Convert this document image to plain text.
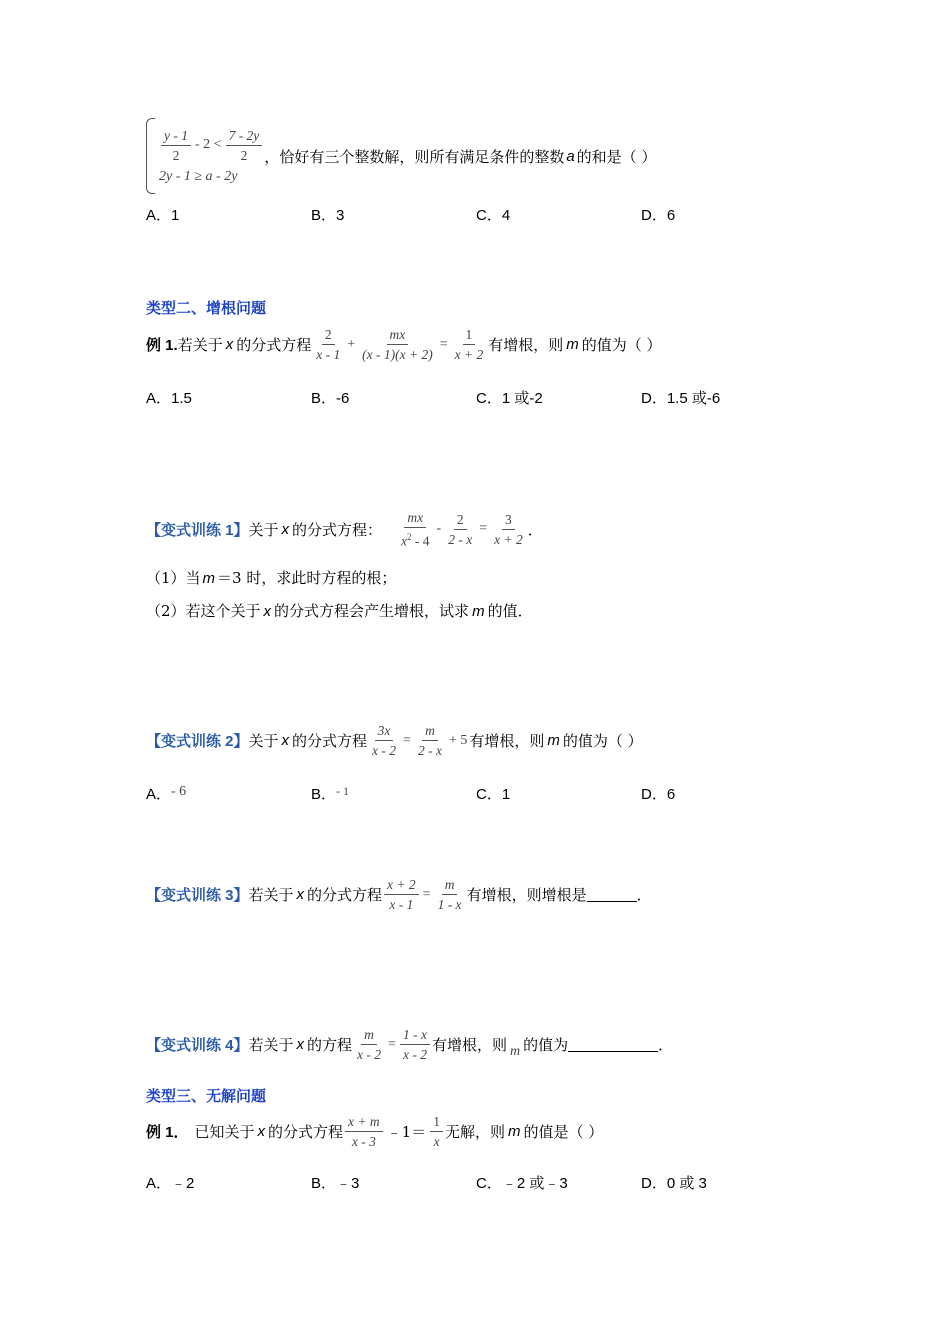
$\frac{y - 1}{2} - 2 < \frac{7 - 2y}{2}$
2y - 1 ≥ a - 2y
，恰好有三个整数解，则所有满足条件的整数 a 的和是（ ）
A．1	B．3	C．4	D．6
类型二、增根问题
例 1. 若关于 x 的分式方程 $\frac{2}{x - 1} + \frac{mx}{(x - 1)(x + 2)} = \frac{1}{x + 2}$ 有增根，则 m 的值为（ ）
A．1.5	B．-6	C．1 或-2	D．1.5 或-6
【变式训练 1】 关于 x 的分式方程： $\frac{mx}{x^2 - 4} - \frac{2}{2 - x} = \frac{3}{x + 2}$ ．
（1）当 m ＝3 时，求此时方程的根；
（2）若这个关于 x 的分式方程会产生增根，试求 m 的值．
【变式训练 2】 关于 x 的分式方程 $\frac{3x}{x - 2} = \frac{m}{2 - x} + 5$ 有增根，则 m 的值为（ ）
A．- 6	B．$^{- 1}$	C．1	D．6
【变式训练 3】 若关于 x 的分式方程 $\frac{x + 2}{x - 1} = \frac{m}{1 - x}$ 有增根，则增根是	．
【变式训练 4】 若关于 x 的方程 $\frac{m}{x - 2} = \frac{1 - x}{x - 2}$ 有增根，则 m 的值为	．
类型三、无解问题
例 1． 已知关于 x 的分式方程 $\frac{x + m}{x - 3}$ ﹣1＝ $\frac{1}{x}$ 无解，则 m 的值是（ ）
A．﹣2	B．﹣3	C．﹣2 或﹣3	D．0 或 3
